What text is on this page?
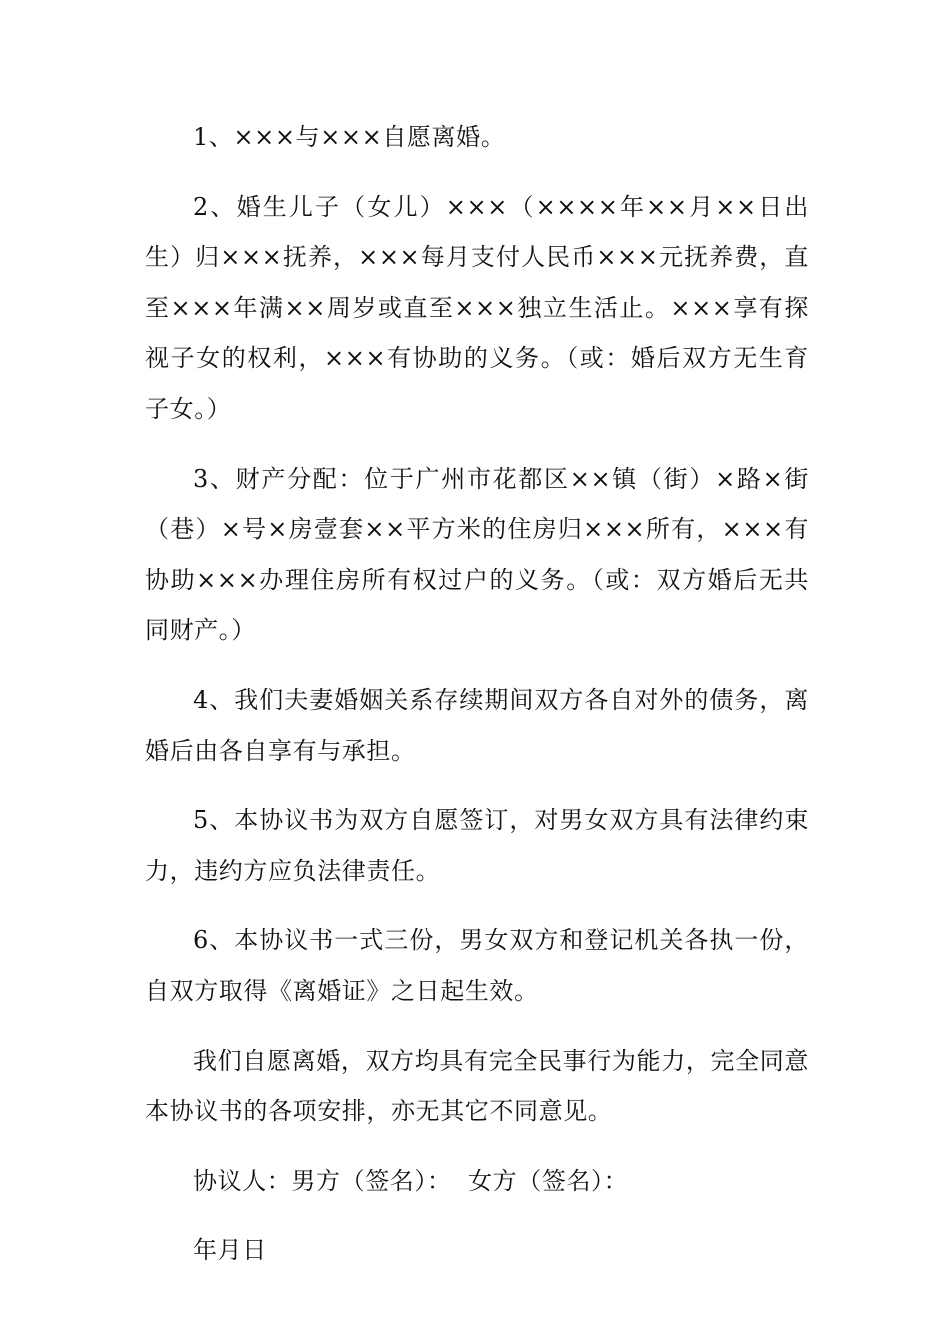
1、×××与×××自愿离婚。

2、婚生儿子（女儿）×××（××××年××月××日出生）归×××抚养，×××每月支付人民币×××元抚养费，直至×××年满××周岁或直至×××独立生活止。×××享有探视子女的权利，×××有协助的义务。（或：婚后双方无生育子女。）

3、财产分配：位于广州市花都区××镇（街）×路×街（巷）×号×房壹套××平方米的住房归×××所有，×××有协助×××办理住房所有权过户的义务。（或：双方婚后无共同财产。）

4、我们夫妻婚姻关系存续期间双方各自对外的债务，离婚后由各自享有与承担。

5、本协议书为双方自愿签订，对男女双方具有法律约束力，违约方应负法律责任。

6、本协议书一式三份，男女双方和登记机关各执一份，自双方取得《离婚证》之日起生效。

我们自愿离婚，双方均具有完全民事行为能力，完全同意本协议书的各项安排，亦无其它不同意见。

协议人：男方（签名）：  女方（签名）：

年月日
